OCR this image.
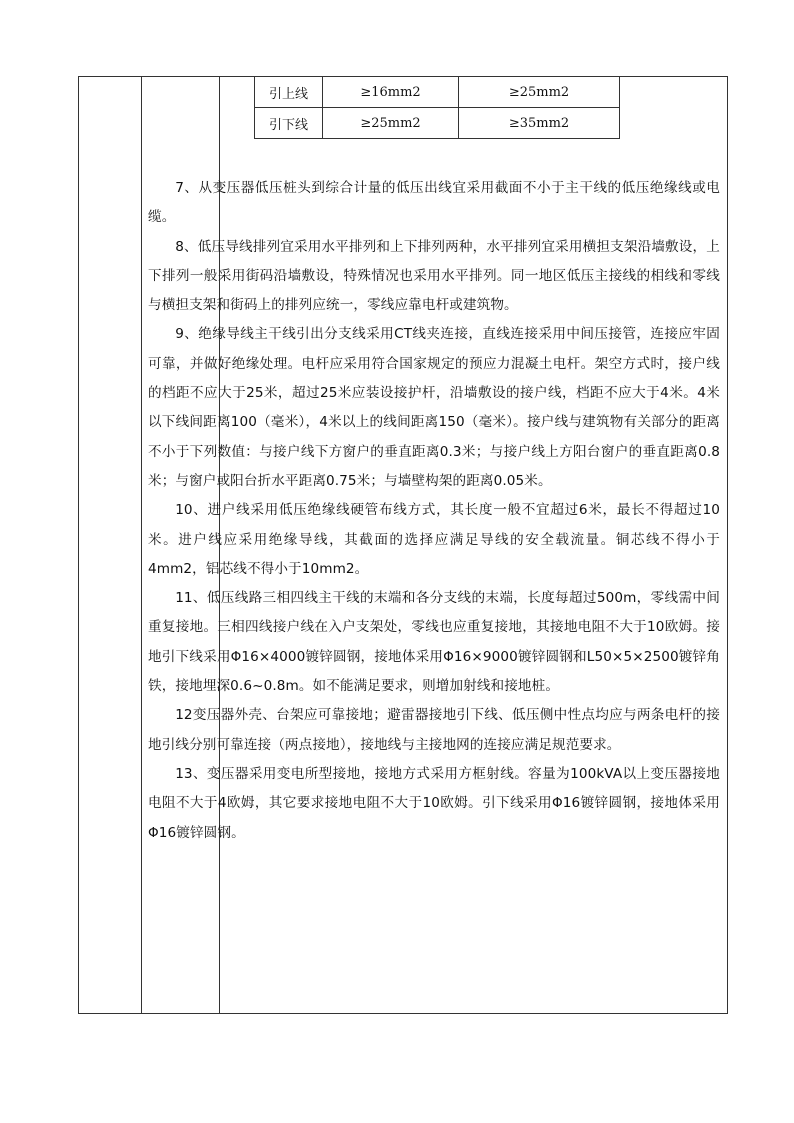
引上线	≥16mm2	≥25mm2
引下线	≥25mm2	≥35mm2

7、从变压器低压桩头到综合计量的低压出线宜采用截面不小于主干线的低压绝缘线或电缆。

8、低压导线排列宜采用水平排列和上下排列两种，水平排列宜采用横担支架沿墙敷设，上下排列一般采用街码沿墙敷设，特殊情况也采用水平排列。同一地区低压主接线的相线和零线与横担支架和街码上的排列应统一，零线应靠电杆或建筑物。

9、绝缘导线主干线引出分支线采用CT线夹连接，直线连接采用中间压接管，连接应牢固可靠，并做好绝缘处理。电杆应采用符合国家规定的预应力混凝土电杆。架空方式时，接户线的档距不应大于25米，超过25米应装设接护杆，沿墙敷设的接户线，档距不应大于4米。4米以下线间距离100（毫米），4米以上的线间距离150（毫米）。接户线与建筑物有关部分的距离不小于下列数值：与接户线下方窗户的垂直距离0.3米；与接户线上方阳台窗户的垂直距离0.8米；与窗户或阳台折水平距离0.75米；与墙壁构架的距离0.05米。

10、进户线采用低压绝缘线硬管布线方式，其长度一般不宜超过6米，最长不得超过10米。进户线应采用绝缘导线，其截面的选择应满足导线的安全载流量。铜芯线不得小于4mm2，铝芯线不得小于10mm2。

11、低压线路三相四线主干线的末端和各分支线的末端，长度每超过500m，零线需中间重复接地。三相四线接户线在入户支架处，零线也应重复接地，其接地电阻不大于10欧姆。接地引下线采用Φ16×4000镀锌圆钢，接地体采用Φ16×9000镀锌圆钢和L50×5×2500镀锌角铁，接地埋深0.6~0.8m。如不能满足要求，则增加射线和接地桩。

12变压器外壳、台架应可靠接地；避雷器接地引下线、低压侧中性点均应与两条电杆的接地引线分别可靠连接（两点接地），接地线与主接地网的连接应满足规范要求。

13、变压器采用变电所型接地，接地方式采用方框射线。容量为100kVA以上变压器接地电阻不大于4欧姆，其它要求接地电阻不大于10欧姆。引下线采用Φ16镀锌圆钢，接地体采用Φ16镀锌圆钢。
